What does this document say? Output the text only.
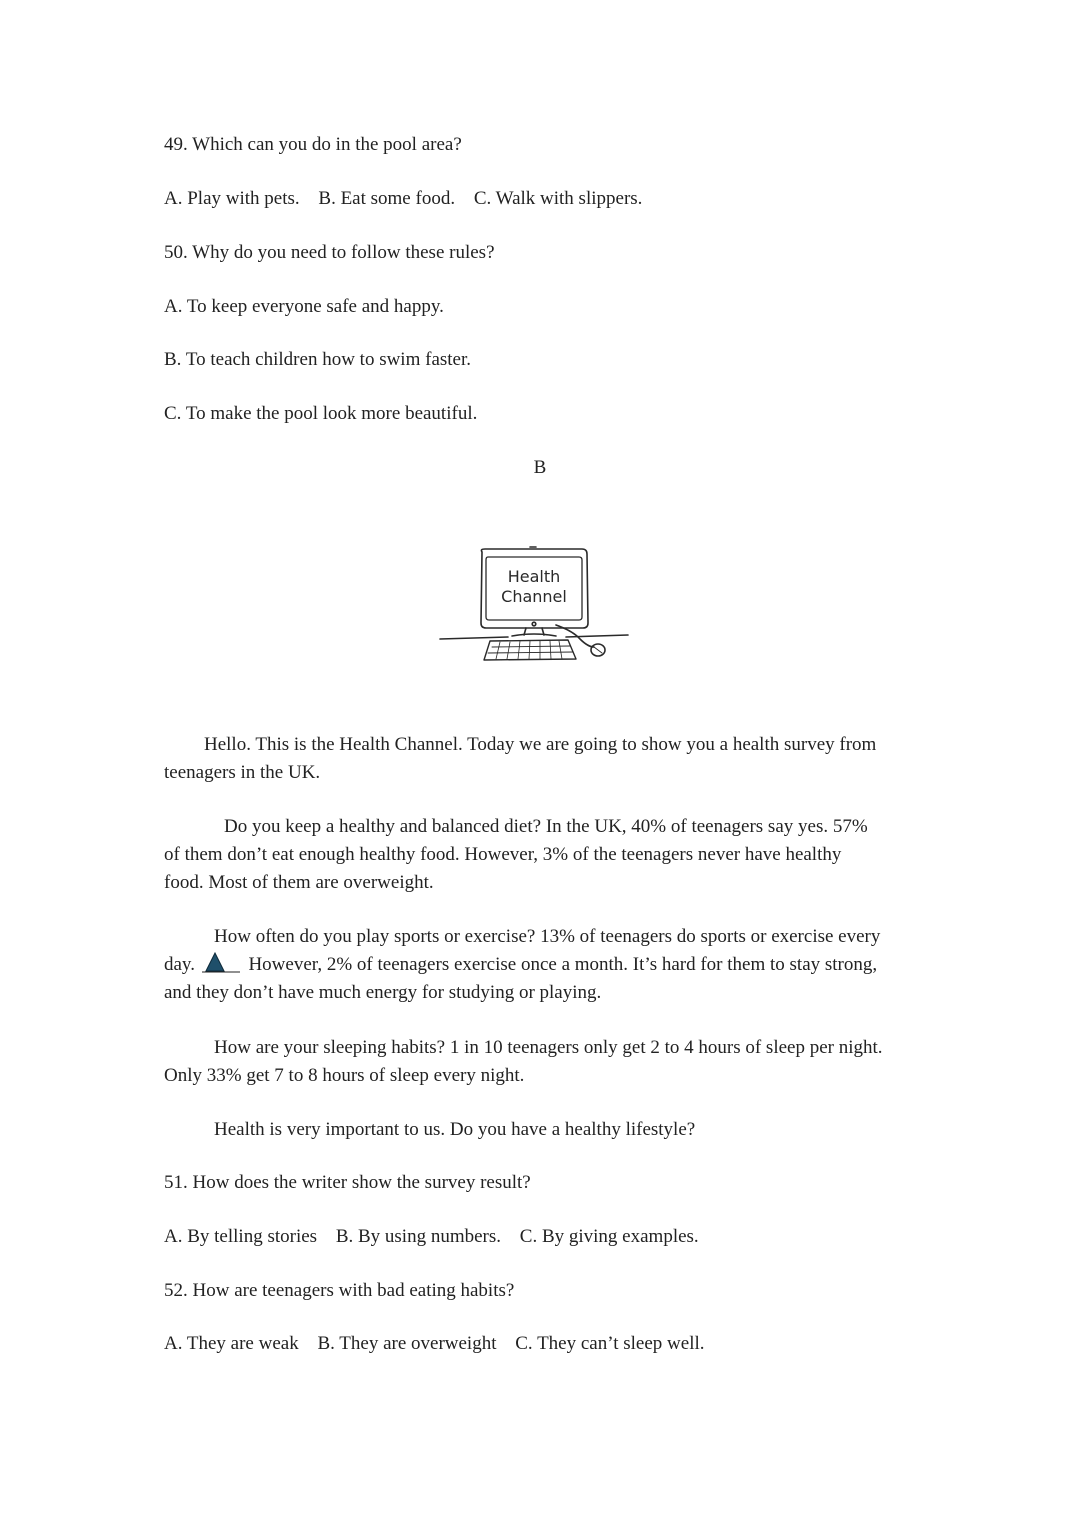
49. Which can you do in the pool area?
A. Play with pets. B. Eat some food. C. Walk with slippers.
50. Why do you need to follow these rules?
A. To keep everyone safe and happy.
B. To teach children how to swim faster.
C. To make the pool look more beautiful.
B
Health
Channel
Hello. This is the Health Channel. Today we are going to show you a health survey from
teenagers in the UK.
Do you keep a healthy and balanced diet? In the UK, 40% of teenagers say yes. 57%
of them don’t eat enough healthy food. However, 3% of the teenagers never have healthy
food. Most of them are overweight.
How often do you play sports or exercise? 13% of teenagers do sports or exercise every
day.	However, 2% of teenagers exercise once a month. It’s hard for them to stay strong,
and they don’t have much energy for studying or playing.
How are your sleeping habits? 1 in 10 teenagers only get 2 to 4 hours of sleep per night.
Only 33% get 7 to 8 hours of sleep every night.
Health is very important to us. Do you have a healthy lifestyle?
51. How does the writer show the survey result?
A. By telling stories B. By using numbers. C. By giving examples.
52. How are teenagers with bad eating habits?
A. They are weak B. They are overweight C. They can’t sleep well.
